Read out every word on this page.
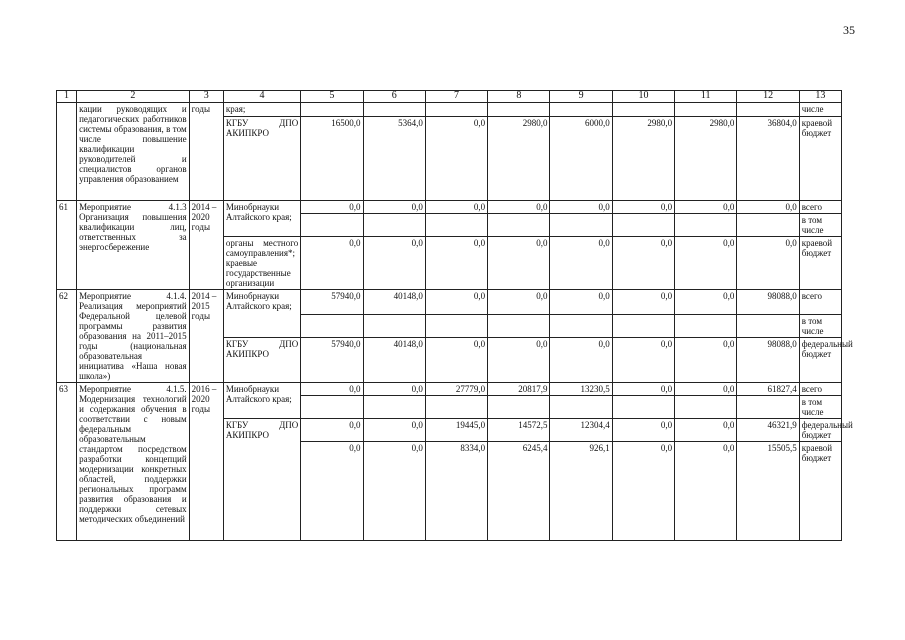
35
1	2	3	4	5	6	7	8	9	10	11	12	13
	кации руководящих и педагогических работников системы образования, в том числе повышение квалификации руководителей и специалистов органов управления образованием	годы	края;									числе
			КГБУ ДПО АКИПКРО	16500,0	5364,0	0,0	2980,0	6000,0	2980,0	2980,0	36804,0	краевой бюджет
61	Мероприятие 4.1.3 Организация повышения квалификации лиц, ответственных за энергосбережение	2014 – 2020 годы	Минобрнауки Алтайского края;	0,0	0,0	0,0	0,0	0,0	0,0	0,0	0,0	всего
												в том числе
			органы местного самоуправления*; краевые государственные организации	0,0	0,0	0,0	0,0	0,0	0,0	0,0	0,0	краевой бюджет
62	Мероприятие 4.1.4. Реализация мероприятий Федеральной целевой программы развития образования на 2011–2015 годы (национальная образовательная инициатива «Наша новая школа»)	2014 – 2015 годы	Минобрнауки Алтайского края;	57940,0	40148,0	0,0	0,0	0,0	0,0	0,0	98088,0	всего
												в том числе
			КГБУ ДПО АКИПКРО	57940,0	40148,0	0,0	0,0	0,0	0,0	0,0	98088,0	федеральный бюджет
63	Мероприятие 4.1.5. Модернизация технологий и содержания обучения в соответствии с новым федеральным образовательным стандартом посредством разработки концепций модернизации конкретных областей, поддержки региональных программ развития образования и поддержки сетевых методических объединений	2016 – 2020 годы	Минобрнауки Алтайского края;	0,0	0,0	27779,0	20817,9	13230,5	0,0	0,0	61827,4	всего
												в том числе
			КГБУ ДПО АКИПКРО	0,0	0,0	19445,0	14572,5	12304,4	0,0	0,0	46321,9	федеральный бюджет
				0,0	0,0	8334,0	6245,4	926,1	0,0	0,0	15505,5	краевой бюджет
